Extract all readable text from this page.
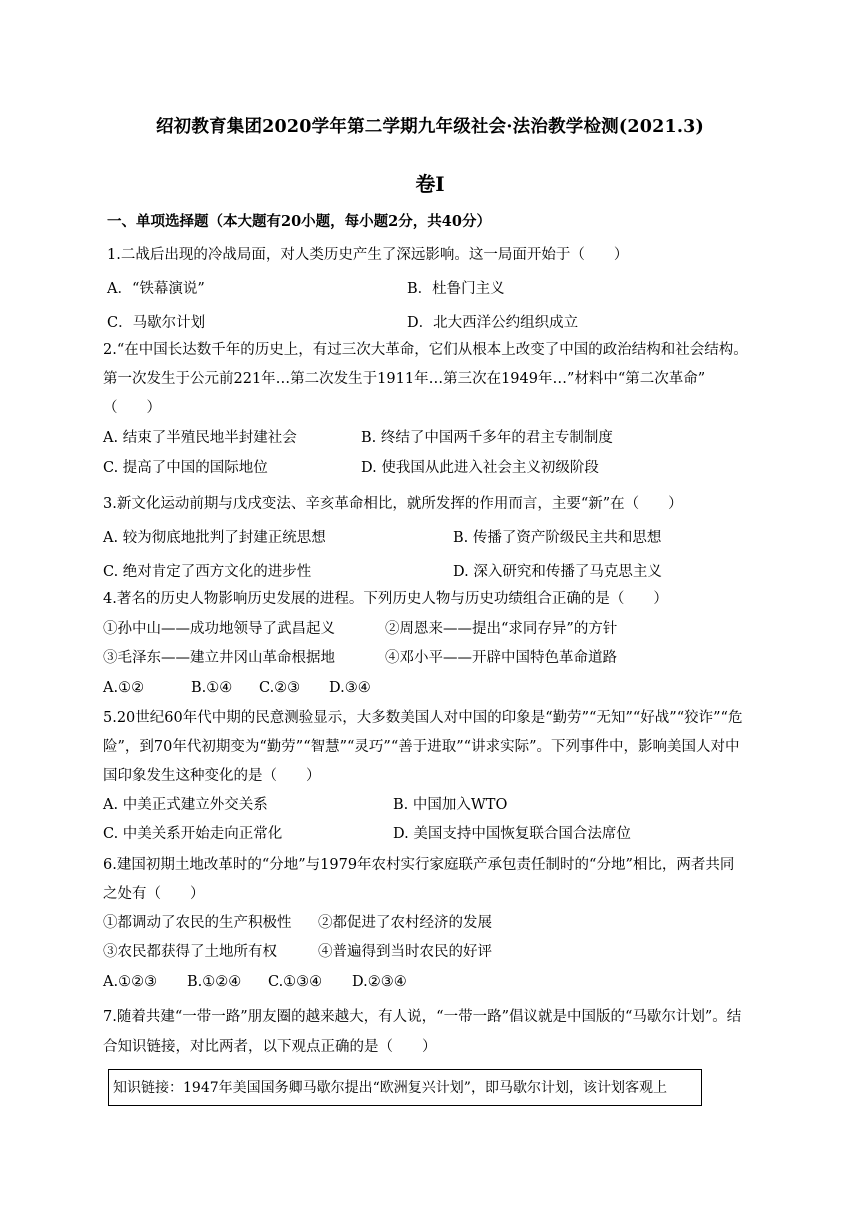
绍初教育集团2020学年第二学期九年级社会·法治教学检测(2021.3)
卷Ⅰ
一、单项选择题（本大题有20小题，每小题2分，共40分）
1.二战后出现的冷战局面，对人类历史产生了深远影响。这一局面开始于（　　）
A．“铁幕演说”	B．杜鲁门主义
C．马歇尔计划	D．北大西洋公约组织成立
2.“在中国长达数千年的历史上，有过三次大革命，它们从根本上改变了中国的政治结构和社会结构。
第一次发生于公元前221年…第二次发生于1911年…第三次在1949年…”材料中“第二次革命”
（　　）
A. 结束了半殖民地半封建社会	B. 终结了中国两千多年的君主专制制度
C. 提高了中国的国际地位	D. 使我国从此进入社会主义初级阶段
3.新文化运动前期与戊戌变法、辛亥革命相比，就所发挥的作用而言，主要“新”在（　　）
A. 较为彻底地批判了封建正统思想	B. 传播了资产阶级民主共和思想
C. 绝对肯定了西方文化的进步性	D. 深入研究和传播了马克思主义
4.著名的历史人物影响历史发展的进程。下列历史人物与历史功绩组合正确的是（　　）
①孙中山——成功地领导了武昌起义	②周恩来——提出“求同存异”的方针
③毛泽东——建立井冈山革命根据地	④邓小平——开辟中国特色革命道路
A.①②	B.①④ C.②③ D.③④
5.20世纪60年代中期的民意测验显示，大多数美国人对中国的印象是“勤劳”“无知”“好战”“狡诈”“危
险”，到70年代初期变为“勤劳”“智慧”“灵巧”“善于进取”“讲求实际”。下列事件中，影响美国人对中
国印象发生这种变化的是（　　）
A. 中美正式建立外交关系	B. 中国加入WTO
C. 中美关系开始走向正常化	D. 美国支持中国恢复联合国合法席位
6.建国初期土地改革时的“分地”与1979年农村实行家庭联产承包责任制时的“分地”相比，两者共同
之处有（　　）
①都调动了农民的生产积极性 ②都促进了农村经济的发展
③农民都获得了土地所有权	④普遍得到当时农民的好评
A.①②③ B.①②④ C.①③④ D.②③④
7.随着共建“一带一路”朋友圈的越来越大，有人说，“一带一路”倡议就是中国版的“马歇尔计划”。结
合知识链接，对比两者，以下观点正确的是（　　）
知识链接：1947年美国国务卿马歇尔提出“欧洲复兴计划”，即马歇尔计划，该计划客观上
